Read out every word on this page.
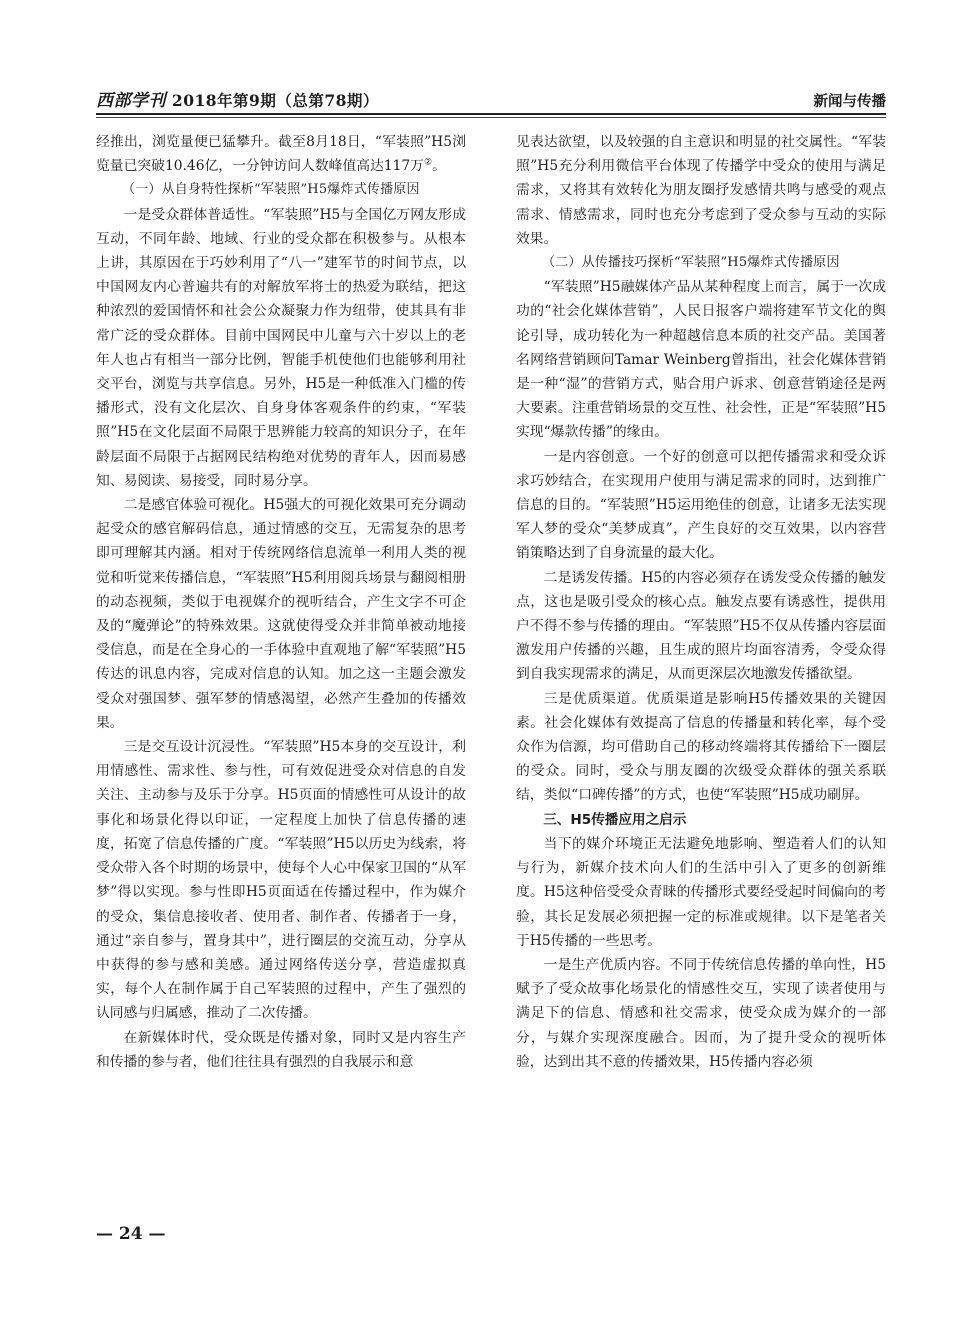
西部学刊 2018年第9期（总第78期）	新闻与传播

经推出，浏览量便已猛攀升。截至8月18日，“军装照”H5浏览量已突破10.46亿，一分钟访问人数峰值高达117万②。

（一）从自身特性探析“军装照”H5爆炸式传播原因

一是受众群体普适性。“军装照”H5与全国亿万网友形成互动，不同年龄、地域、行业的受众都在积极参与。从根本上讲，其原因在于巧妙利用了“八一”建军节的时间节点，以中国网友内心普遍共有的对解放军将士的热爱为联结，把这种浓烈的爱国情怀和社会公众凝聚力作为纽带，使其具有非常广泛的受众群体。目前中国网民中儿童与六十岁以上的老年人也占有相当一部分比例，智能手机使他们也能够利用社交平台，浏览与共享信息。另外，H5是一种低准入门槛的传播形式，没有文化层次、自身身体客观条件的约束，“军装照”H5在文化层面不局限于思辨能力较高的知识分子，在年龄层面不局限于占据网民结构绝对优势的青年人，因而易感知、易阅读、易接受，同时易分享。

二是感官体验可视化。H5强大的可视化效果可充分调动起受众的感官解码信息，通过情感的交互，无需复杂的思考即可理解其内涵。相对于传统网络信息流单一利用人类的视觉和听觉来传播信息，“军装照”H5利用阅兵场景与翻阅相册的动态视频，类似于电视媒介的视听结合，产生文字不可企及的“魔弹论”的特殊效果。这就使得受众并非简单被动地接受信息，而是在全身心的一手体验中直观地了解“军装照”H5传达的讯息内容，完成对信息的认知。加之这一主题会激发受众对强国梦、强军梦的情感渴望，必然产生叠加的传播效果。

三是交互设计沉浸性。“军装照”H5本身的交互设计，利用情感性、需求性、参与性，可有效促进受众对信息的自发关注、主动参与及乐于分享。H5页面的情感性可从设计的故事化和场景化得以印证，一定程度上加快了信息传播的速度，拓宽了信息传播的广度。“军装照”H5以历史为线索，将受众带入各个时期的场景中，使每个人心中保家卫国的“从军梦”得以实现。参与性即H5页面适在传播过程中，作为媒介的受众，集信息接收者、使用者、制作者、传播者于一身，通过“亲自参与，置身其中”，进行圈层的交流互动，分享从中获得的参与感和美感。通过网络传送分享，营造虚拟真实，每个人在制作属于自己军装照的过程中，产生了强烈的认同感与归属感，推动了二次传播。

在新媒体时代，受众既是传播对象，同时又是内容生产和传播的参与者，他们往往具有强烈的自我展示和意

见表达欲望，以及较强的自主意识和明显的社交属性。“军装照”H5充分利用微信平台体现了传播学中受众的使用与满足需求，又将其有效转化为朋友圈抒发感情共鸣与感受的观点需求、情感需求，同时也充分考虑到了受众参与互动的实际效果。

（二）从传播技巧探析“军装照”H5爆炸式传播原因

“军装照”H5融媒体产品从某种程度上而言，属于一次成功的“社会化媒体营销”，人民日报客户端将建军节文化的舆论引导，成功转化为一种超越信息本质的社交产品。美国著名网络营销顾问Tamar Weinberg曾指出，社会化媒体营销是一种“湿”的营销方式，贴合用户诉求、创意营销途径是两大要素。注重营销场景的交互性、社会性，正是“军装照”H5实现“爆款传播”的缘由。

一是内容创意。一个好的创意可以把传播需求和受众诉求巧妙结合，在实现用户使用与满足需求的同时，达到推广信息的目的。“军装照”H5运用绝佳的创意，让诸多无法实现军人梦的受众“美梦成真”，产生良好的交互效果，以内容营销策略达到了自身流量的最大化。

二是诱发传播。H5的内容必须存在诱发受众传播的触发点，这也是吸引受众的核心点。触发点要有诱惑性，提供用户不得不参与传播的理由。“军装照”H5不仅从传播内容层面激发用户传播的兴趣，且生成的照片均面容清秀，令受众得到自我实现需求的满足，从而更深层次地激发传播欲望。

三是优质渠道。优质渠道是影响H5传播效果的关键因素。社会化媒体有效提高了信息的传播量和转化率，每个受众作为信源，均可借助自己的移动终端将其传播给下一圈层的受众。同时，受众与朋友圈的次级受众群体的强关系联结，类似“口碑传播”的方式，也使“军装照”H5成功刷屏。

三、H5传播应用之启示

当下的媒介环境正无法避免地影响、塑造着人们的认知与行为，新媒介技术向人们的生活中引入了更多的创新维度。H5这种倍受受众青睐的传播形式要经受起时间偏向的考验，其长足发展必须把握一定的标准或规律。以下是笔者关于H5传播的一些思考。

一是生产优质内容。不同于传统信息传播的单向性，H5赋予了受众故事化场景化的情感性交互，实现了读者使用与满足下的信息、情感和社交需求，使受众成为媒介的一部分，与媒介实现深度融合。因而，为了提升受众的视听体验，达到出其不意的传播效果，H5传播内容必须

— 24 —
